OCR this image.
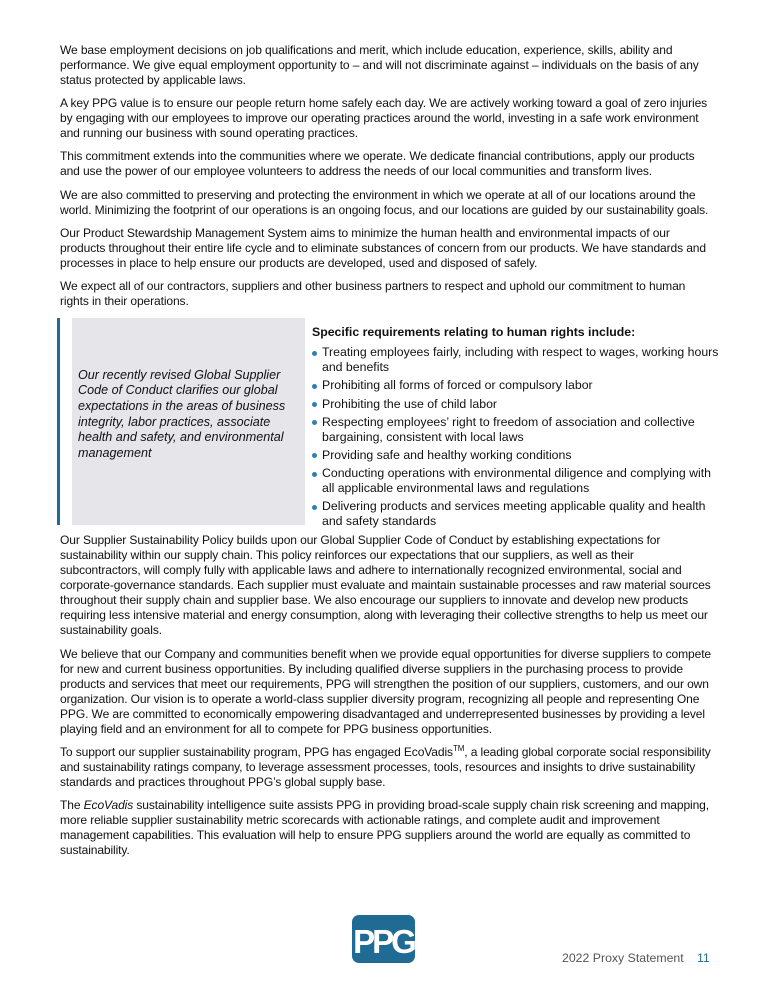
We base employment decisions on job qualifications and merit, which include education, experience, skills, ability and performance. We give equal employment opportunity to – and will not discriminate against – individuals on the basis of any status protected by applicable laws.

A key PPG value is to ensure our people return home safely each day. We are actively working toward a goal of zero injuries by engaging with our employees to improve our operating practices around the world, investing in a safe work environment and running our business with sound operating practices.

This commitment extends into the communities where we operate. We dedicate financial contributions, apply our products and use the power of our employee volunteers to address the needs of our local communities and transform lives.

We are also committed to preserving and protecting the environment in which we operate at all of our locations around the world. Minimizing the footprint of our operations is an ongoing focus, and our locations are guided by our sustainability goals.

Our Product Stewardship Management System aims to minimize the human health and environmental impacts of our products throughout their entire life cycle and to eliminate substances of concern from our products. We have standards and processes in place to help ensure our products are developed, used and disposed of safely.

We expect all of our contractors, suppliers and other business partners to respect and uphold our commitment to human rights in their operations.

Our recently revised Global Supplier Code of Conduct clarifies our global expectations in the areas of business integrity, labor practices, associate health and safety, and environmental management
Specific requirements relating to human rights include:
Treating employees fairly, including with respect to wages, working hours and benefits
Prohibiting all forms of forced or compulsory labor
Prohibiting the use of child labor
Respecting employees’ right to freedom of association and collective bargaining, consistent with local laws
Providing safe and healthy working conditions
Conducting operations with environmental diligence and complying with all applicable environmental laws and regulations
Delivering products and services meeting applicable quality and health and safety standards

Our Supplier Sustainability Policy builds upon our Global Supplier Code of Conduct by establishing expectations for sustainability within our supply chain. This policy reinforces our expectations that our suppliers, as well as their subcontractors, will comply fully with applicable laws and adhere to internationally recognized environmental, social and corporate-governance standards. Each supplier must evaluate and maintain sustainable processes and raw material sources throughout their supply chain and supplier base. We also encourage our suppliers to innovate and develop new products requiring less intensive material and energy consumption, along with leveraging their collective strengths to help us meet our sustainability goals.

We believe that our Company and communities benefit when we provide equal opportunities for diverse suppliers to compete for new and current business opportunities. By including qualified diverse suppliers in the purchasing process to provide products and services that meet our requirements, PPG will strengthen the position of our suppliers, customers, and our own organization. Our vision is to operate a world-class supplier diversity program, recognizing all people and representing One PPG. We are committed to economically empowering disadvantaged and underrepresented businesses by providing a level playing field and an environment for all to compete for PPG business opportunities.

To support our supplier sustainability program, PPG has engaged EcoVadis™, a leading global corporate social responsibility and sustainability ratings company, to leverage assessment processes, tools, resources and insights to drive sustainability standards and practices throughout PPG’s global supply base.

The EcoVadis sustainability intelligence suite assists PPG in providing broad-scale supply chain risk screening and mapping, more reliable supplier sustainability metric scorecards with actionable ratings, and complete audit and improvement management capabilities. This evaluation will help to ensure PPG suppliers around the world are equally as committed to sustainability.

PPG	2022 Proxy Statement 11
